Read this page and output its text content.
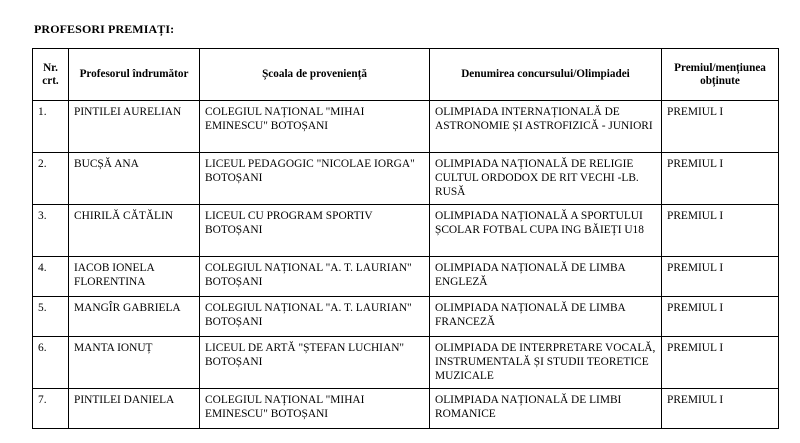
PROFESORI PREMIAȚI:
Nr. crt.	Profesorul îndrumător	Școala de proveniență	Denumirea concursului/Olimpiadei	Premiul/mențiunea obținute
1.	PINTILEI AURELIAN	COLEGIUL NAȚIONAL "MIHAI EMINESCU" BOTOȘANI	OLIMPIADA INTERNAȚIONALĂ DE ASTRONOMIE ȘI ASTROFIZICĂ - JUNIORI	PREMIUL I
2.	BUCȘĂ ANA	LICEUL PEDAGOGIC "NICOLAE IORGA" BOTOȘANI	OLIMPIADA NAȚIONALĂ DE RELIGIE CULTUL ORDODOX DE RIT VECHI -LB. RUSĂ	PREMIUL I
3.	CHIRILĂ CĂTĂLIN	LICEUL CU PROGRAM SPORTIV BOTOȘANI	OLIMPIADA NAȚIONALĂ A SPORTULUI ȘCOLAR FOTBAL CUPA ING BĂIEȚI U18	PREMIUL I
4.	IACOB IONELA FLORENTINA	COLEGIUL NAȚIONAL "A. T. LAURIAN" BOTOȘANI	OLIMPIADA NAȚIONALĂ DE LIMBA ENGLEZĂ	PREMIUL I
5.	MANGÎR GABRIELA	COLEGIUL NAȚIONAL "A. T. LAURIAN" BOTOȘANI	OLIMPIADA NAȚIONALĂ DE LIMBA FRANCEZĂ	PREMIUL I
6.	MANTA IONUȚ	LICEUL DE ARTĂ "ȘTEFAN LUCHIAN" BOTOȘANI	OLIMPIADA DE INTERPRETARE VOCALĂ, INSTRUMENTALĂ ȘI STUDII TEORETICE MUZICALE	PREMIUL I
7.	PINTILEI DANIELA	COLEGIUL NAȚIONAL "MIHAI EMINESCU" BOTOȘANI	OLIMPIADA NAȚIONALĂ DE LIMBI ROMANICE	PREMIUL I
